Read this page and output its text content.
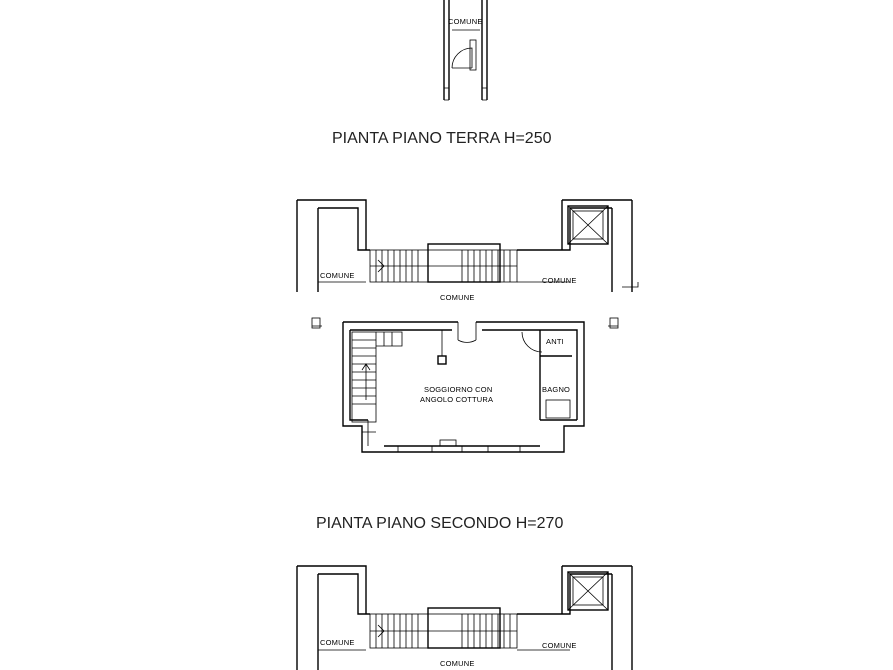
COMUNE
PIANTA PIANO TERRA H=250
COMUNE
COMUNE
COMUNE
SOGGIORNO CON
ANGOLO COTTURA
ANTI
BAGNO
PIANTA PIANO SECONDO H=270
COMUNE	COMUNE
COMUNE
